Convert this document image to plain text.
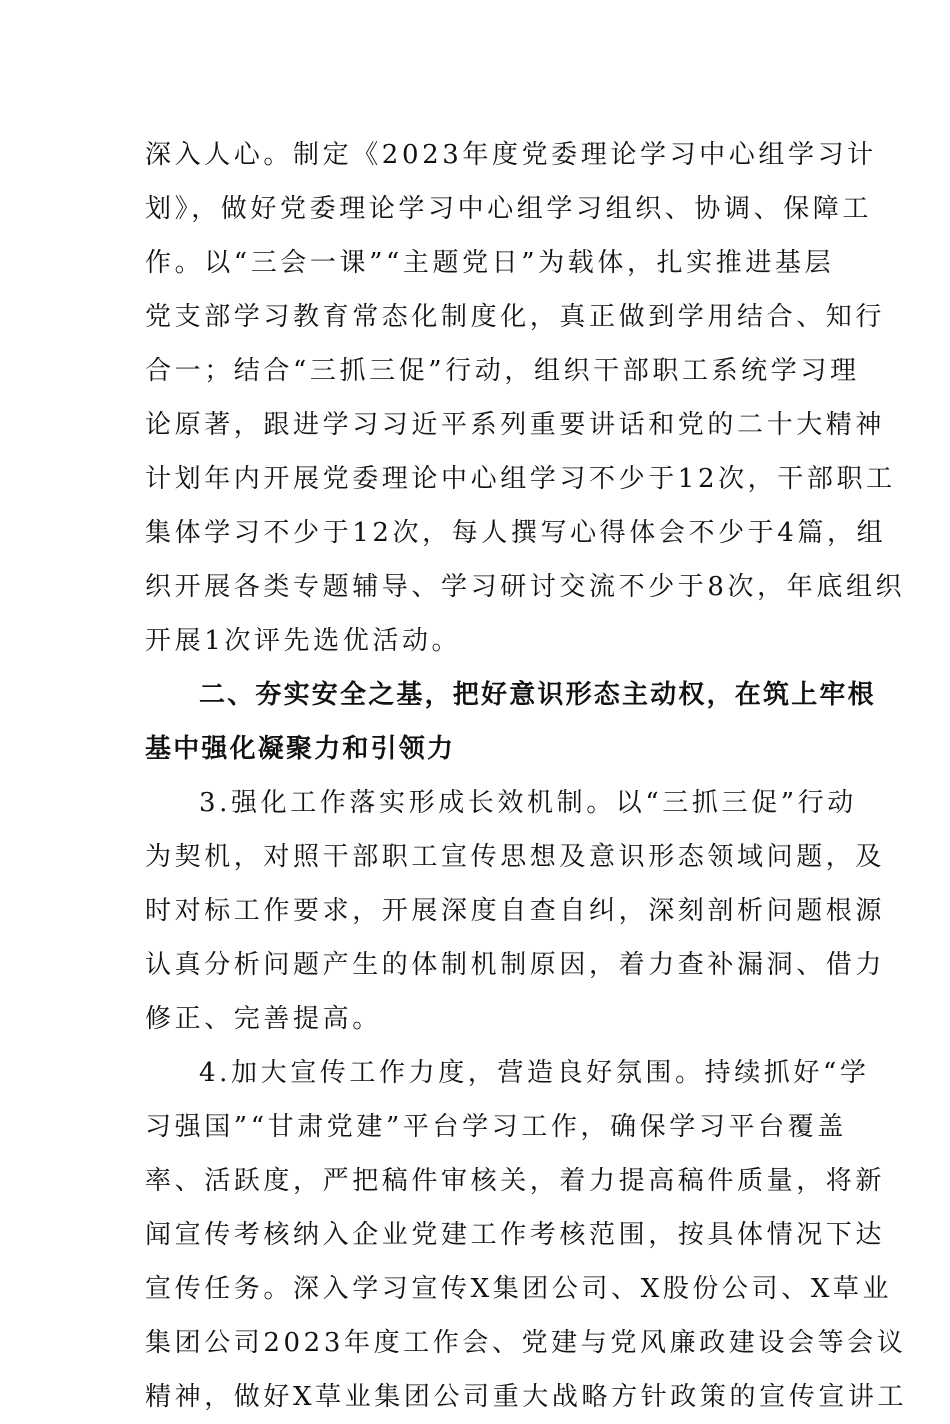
深入人心。制定《2023年度党委理论学习中心组学习计
划》，做好党委理论学习中心组学习组织、协调、保障工
作。以“三会一课”“主题党日”为载体，扎实推进基层
党支部学习教育常态化制度化，真正做到学用结合、知行
合一；结合“三抓三促”行动，组织干部职工系统学习理
论原著，跟进学习习近平系列重要讲话和党的二十大精神
计划年内开展党委理论中心组学习不少于12次，干部职工
集体学习不少于12次，每人撰写心得体会不少于4篇，组
织开展各类专题辅导、学习研讨交流不少于8次，年底组织
开展1次评先选优活动。
二、夯实安全之基，把好意识形态主动权，在筑上牢根
基中强化凝聚力和引领力
3.强化工作落实形成长效机制。以“三抓三促”行动
为契机，对照干部职工宣传思想及意识形态领域问题，及
时对标工作要求，开展深度自查自纠，深刻剖析问题根源
认真分析问题产生的体制机制原因，着力查补漏洞、借力
修正、完善提高。
4.加大宣传工作力度，营造良好氛围。持续抓好“学
习强国”“甘肃党建”平台学习工作，确保学习平台覆盖
率、活跃度，严把稿件审核关，着力提高稿件质量，将新
闻宣传考核纳入企业党建工作考核范围，按具体情况下达
宣传任务。深入学习宣传X集团公司、X股份公司、X草业
集团公司2023年度工作会、党建与党风廉政建设会等会议
精神，做好X草业集团公司重大战略方针政策的宣传宣讲工
